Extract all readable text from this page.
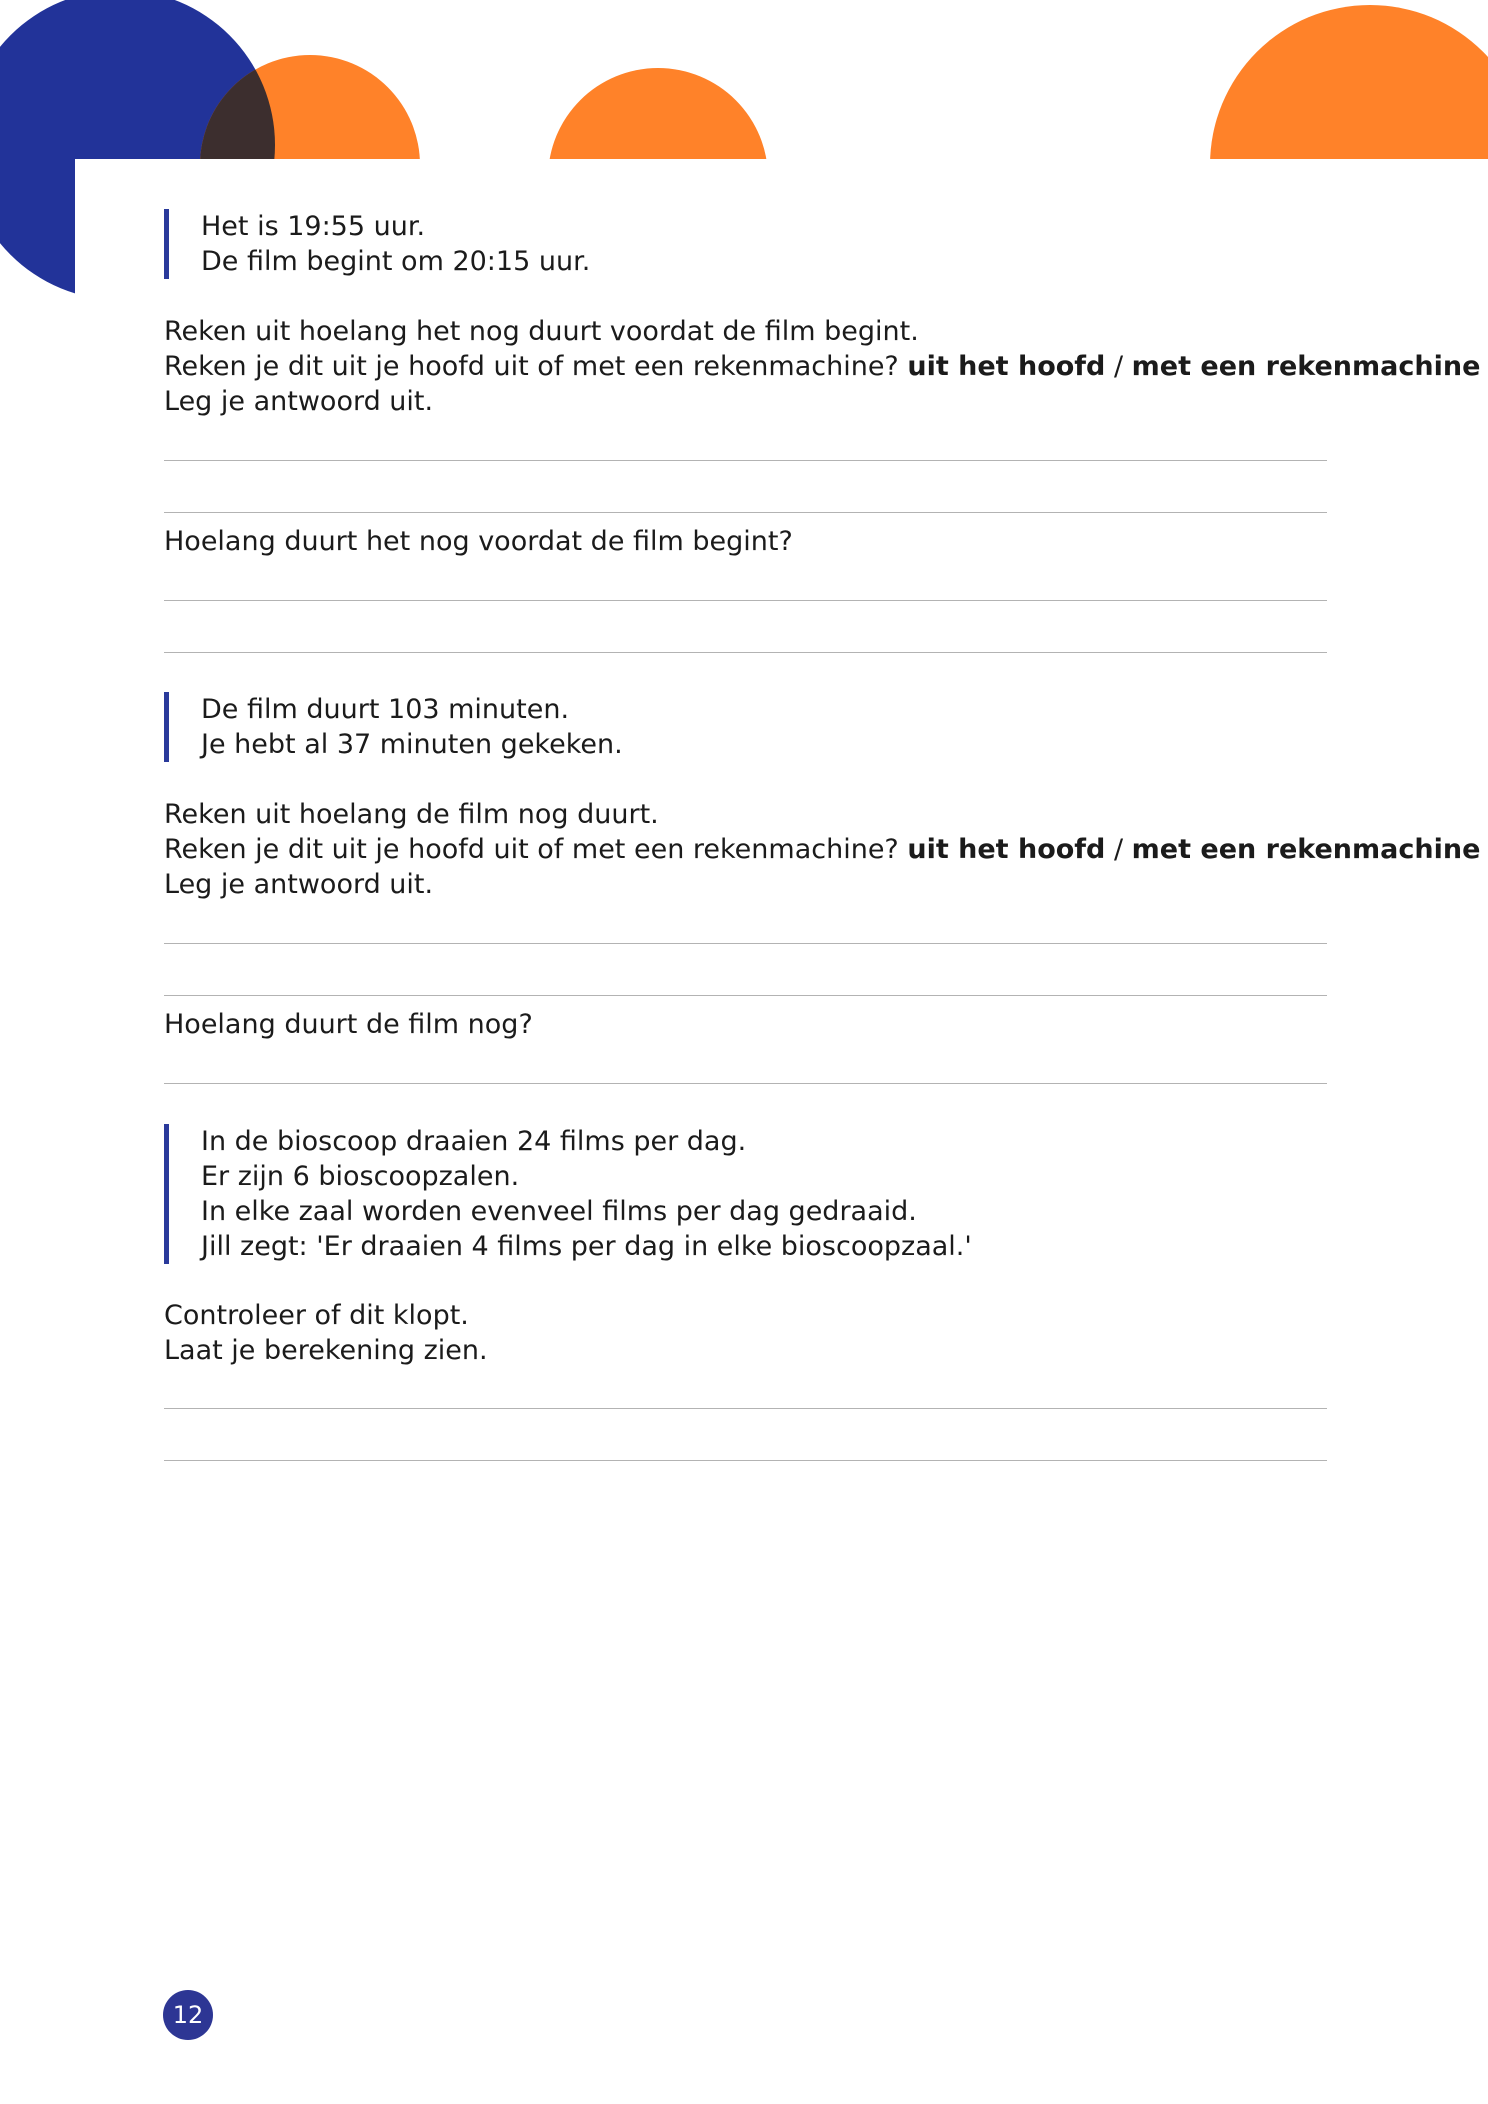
Het is 19:55 uur.
De film begint om 20:15 uur.
Reken uit hoelang het nog duurt voordat de film begint.
Reken je dit uit je hoofd uit of met een rekenmachine? uit het hoofd / met een rekenmachine
Leg je antwoord uit.
Hoelang duurt het nog voordat de film begint?
De film duurt 103 minuten.
Je hebt al 37 minuten gekeken.
Reken uit hoelang de film nog duurt.
Reken je dit uit je hoofd uit of met een rekenmachine? uit het hoofd / met een rekenmachine
Leg je antwoord uit.
Hoelang duurt de film nog?
In de bioscoop draaien 24 films per dag.
Er zijn 6 bioscoopzalen.
In elke zaal worden evenveel films per dag gedraaid.
Jill zegt: 'Er draaien 4 films per dag in elke bioscoopzaal.'
Controleer of dit klopt.
Laat je berekening zien.
12
